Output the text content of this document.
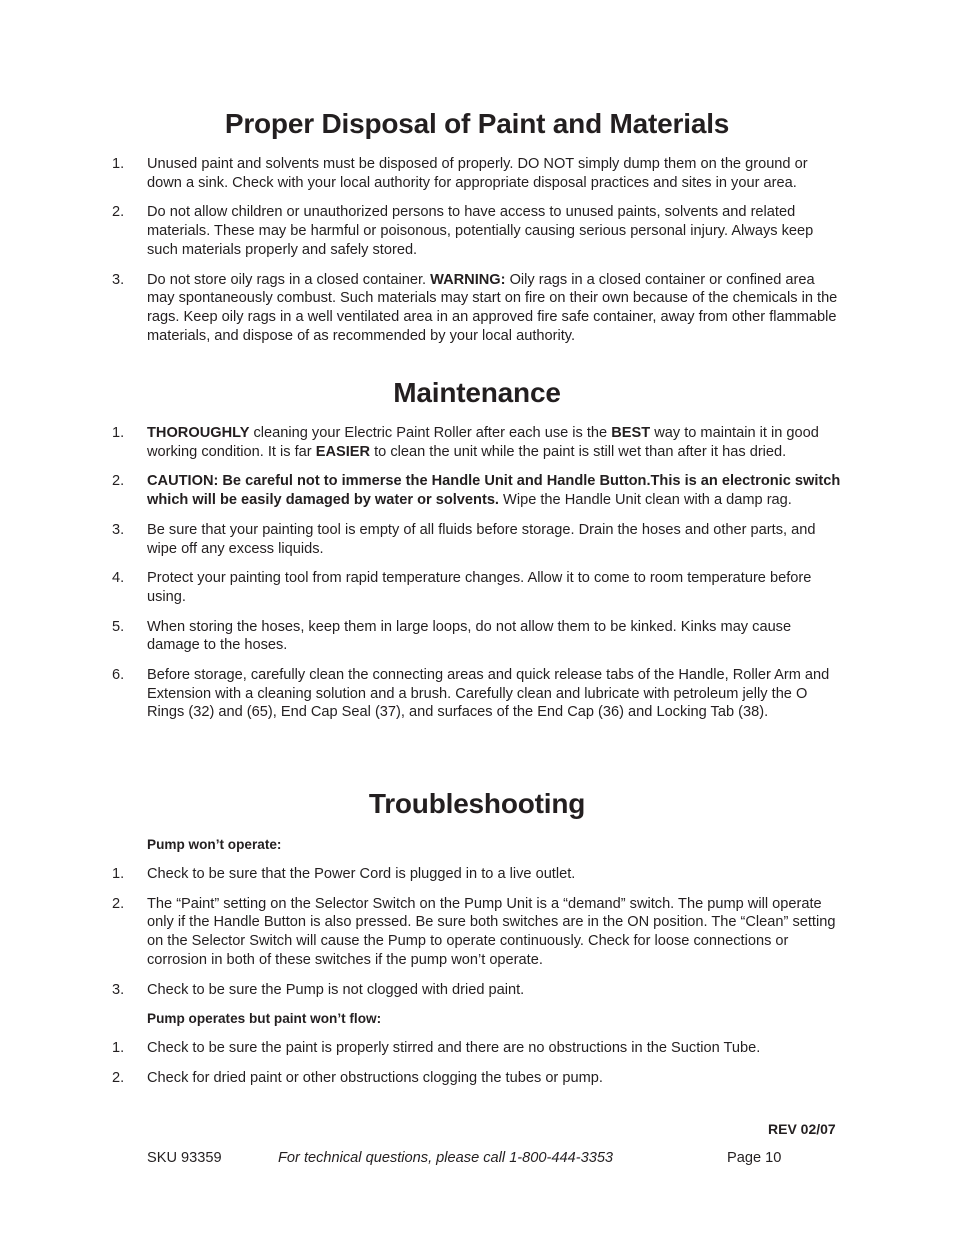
Proper Disposal of Paint and Materials
1.	Unused paint and solvents must be disposed of properly. DO NOT simply dump them on the ground or down a sink. Check with your local authority for appropriate disposal practices and sites in your area.
2.	Do not allow children or unauthorized persons to have access to unused paints, solvents and related materials. These may be harmful or poisonous, potentially causing serious personal injury. Always keep such materials properly and safely stored.
3.	Do not store oily rags in a closed container. WARNING: Oily rags in a closed container or confined area may spontaneously combust. Such materials may start on fire on their own because of the chemicals in the rags. Keep oily rags in a well ventilated area in an approved fire safe container, away from other flammable materials, and dispose of as recommended by your local authority.
Maintenance
1.	THOROUGHLY cleaning your Electric Paint Roller after each use is the BEST way to maintain it in good working condition. It is far EASIER to clean the unit while the paint is still wet than after it has dried.
2.	CAUTION: Be careful not to immerse the Handle Unit and Handle Button.This is an electronic switch which will be easily damaged by water or solvents. Wipe the Handle Unit clean with a damp rag.
3.	Be sure that your painting tool is empty of all fluids before storage. Drain the hoses and other parts, and wipe off any excess liquids.
4.	Protect your painting tool from rapid temperature changes. Allow it to come to room temperature before using.
5.	When storing the hoses, keep them in large loops, do not allow them to be kinked. Kinks may cause damage to the hoses.
6.	Before storage, carefully clean the connecting areas and quick release tabs of the Handle, Roller Arm and Extension with a cleaning solution and a brush. Carefully clean and lubricate with petroleum jelly the O Rings (32) and (65), End Cap Seal (37), and surfaces of the End Cap (36) and Locking Tab (38).
Troubleshooting
Pump won’t operate:
1.	Check to be sure that the Power Cord is plugged in to a live outlet.
2.	The “Paint” setting on the Selector Switch on the Pump Unit is a “demand” switch. The pump will operate only if the Handle Button is also pressed. Be sure both switches are in the ON position. The “Clean” setting on the Selector Switch will cause the Pump to operate continuously. Check for loose connections or corrosion in both of these switches if the pump won’t operate.
3.	Check to be sure the Pump is not clogged with dried paint.
Pump operates but paint won’t flow:
1.	Check to be sure the paint is properly stirred and there are no obstructions in the Suction Tube.
2.	Check for dried paint or other obstructions clogging the tubes or pump.
REV 02/07
SKU 93359	For technical questions, please call 1-800-444-3353	Page 10
